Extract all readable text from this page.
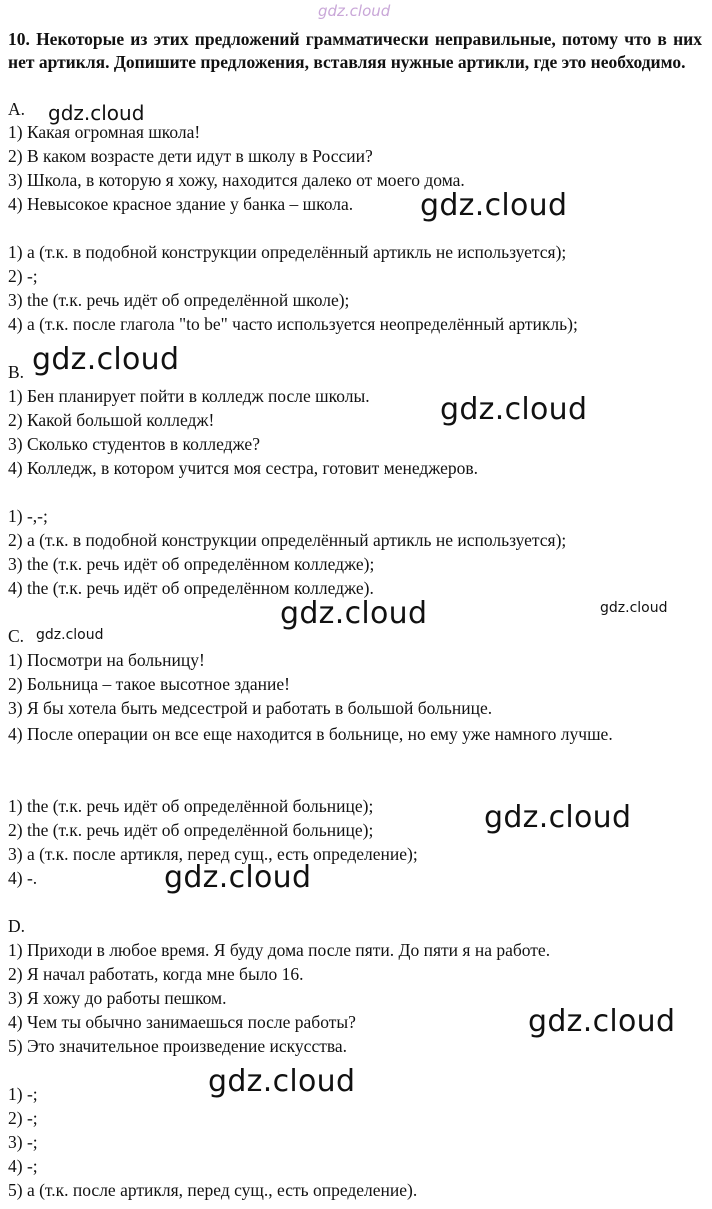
gdz.cloud
10. Некоторые из этих предложений грамматически неправильные, потому что в них нет артикля. Допишите предложения, вставляя нужные артикли, где это необходимо.
A.
1) Какая огромная школа!
2) В каком возрасте дети идут в школу в России?
3) Школа, в которую я хожу, находится далеко от моего дома.
4) Невысокое красное здание у банка – школа.
1) a (т.к. в подобной конструкции определённый артикль не используется);
2) -;
3) the (т.к. речь идёт об определённой школе);
4) a (т.к. после глагола "to be" часто используется неопределённый артикль);
B.
1) Бен планирует пойти в колледж после школы.
2) Какой большой колледж!
3) Сколько студентов в колледже?
4) Колледж, в котором учится моя сестра, готовит менеджеров.
1) -,-;
2) a (т.к. в подобной конструкции определённый артикль не используется);
3) the (т.к. речь идёт об определённом колледже);
4) the (т.к. речь идёт об определённом колледже).
C.
1) Посмотри на больницу!
2) Больница – такое высотное здание!
3) Я бы хотела быть медсестрой и работать в большой больнице.
4) После операции он все еще находится в больнице, но ему уже намного лучше.
1) the (т.к. речь идёт об определённой больнице);
2) the (т.к. речь идёт об определённой больнице);
3) a (т.к. после артикля, перед сущ., есть определение);
4) -.
D.
1) Приходи в любое время. Я буду дома после пяти. До пяти я на работе.
2) Я начал работать, когда мне было 16.
3) Я хожу до работы пешком.
4) Чем ты обычно занимаешься после работы?
5) Это значительное произведение искусства.
1) -;
2) -;
3) -;
4) -;
5) a (т.к. после артикля, перед сущ., есть определение).
gdz.cloud
gdz.cloud
gdz.cloud
gdz.cloud
gdz.cloud	gdz.cloud
gdz.cloud
gdz.cloud
gdz.cloud
gdz.cloud
gdz.cloud
